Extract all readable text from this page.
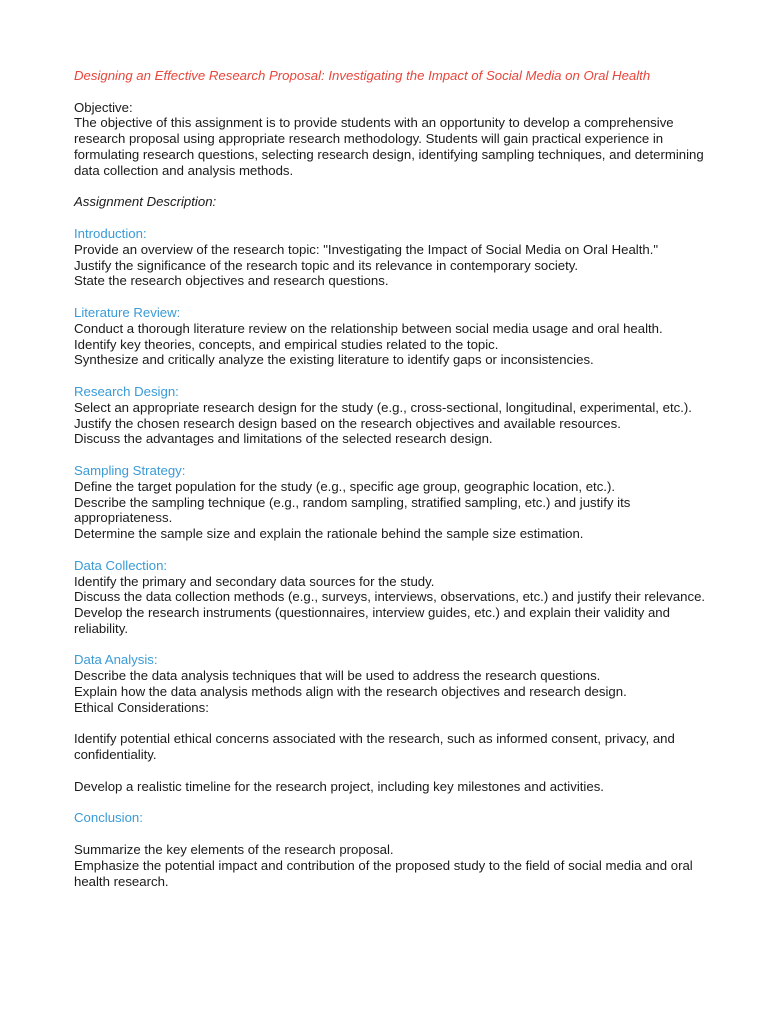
Designing an Effective Research Proposal: Investigating the Impact of Social Media on Oral Health

Objective:

The objective of this assignment is to provide students with an opportunity to develop a comprehensive research proposal using appropriate research methodology. Students will gain practical experience in formulating research questions, selecting research design, identifying sampling techniques, and determining data collection and analysis methods.

Assignment Description:

Introduction:

Provide an overview of the research topic: "Investigating the Impact of Social Media on Oral Health."

Justify the significance of the research topic and its relevance in contemporary society.

State the research objectives and research questions.

Literature Review:

Conduct a thorough literature review on the relationship between social media usage and oral health.

Identify key theories, concepts, and empirical studies related to the topic.

Synthesize and critically analyze the existing literature to identify gaps or inconsistencies.

Research Design:

Select an appropriate research design for the study (e.g., cross-sectional, longitudinal, experimental, etc.).

Justify the chosen research design based on the research objectives and available resources.

Discuss the advantages and limitations of the selected research design.

Sampling Strategy:

Define the target population for the study (e.g., specific age group, geographic location, etc.).

Describe the sampling technique (e.g., random sampling, stratified sampling, etc.) and justify its appropriateness.

Determine the sample size and explain the rationale behind the sample size estimation.

Data Collection:

Identify the primary and secondary data sources for the study.

Discuss the data collection methods (e.g., surveys, interviews, observations, etc.) and justify their relevance.

Develop the research instruments (questionnaires, interview guides, etc.) and explain their validity and reliability.

Data Analysis:

Describe the data analysis techniques that will be used to address the research questions.

Explain how the data analysis methods align with the research objectives and research design.

Ethical Considerations:

Identify potential ethical concerns associated with the research, such as informed consent, privacy, and confidentiality.

Develop a realistic timeline for the research project, including key milestones and activities.

Conclusion:

Summarize the key elements of the research proposal.

Emphasize the potential impact and contribution of the proposed study to the field of social media and oral health research.
